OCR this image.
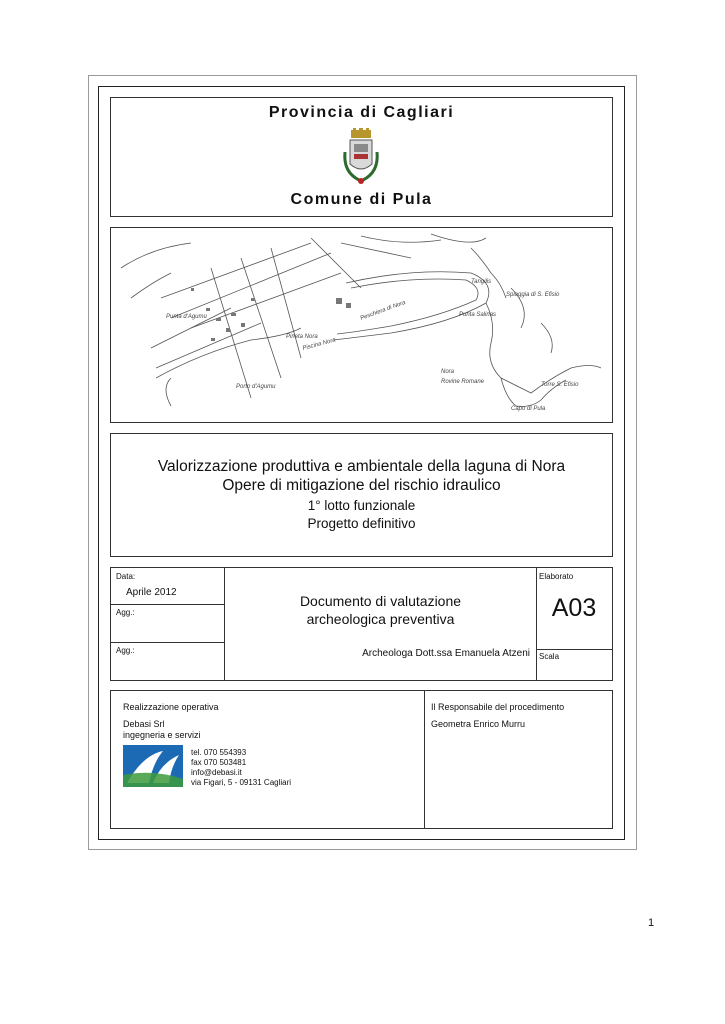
Provincia di Cagliari
Comune di Pula
Punta d'Agumu
Porto d'Agumu
Peschiera di Nora
Pineta Nora
Piscina Nora
Punta Salinas
Nora
Rovine Romane	Torre S. Efisio
Capo di Pula
Spiaggia di S. Efisio
Tangilis
Valorizzazione produttiva e ambientale della laguna di Nora
Opere di mitigazione del rischio idraulico
1° lotto funzionale
Progetto definitivo
Data:
Aprile 2012
Agg.:
Agg.:
Documento di valutazione
archeologica preventiva
Archeologa Dott.ssa Emanuela Atzeni
Elaborato
A03
Scala
Realizzazione operativa
Debasi Srl
ingegneria e servizi
tel. 070 554393
fax 070 503481
info@debasi.it
via Figari, 5 - 09131 Cagliari
Il Responsabile del procedimento
Geometra Enrico Murru
1
